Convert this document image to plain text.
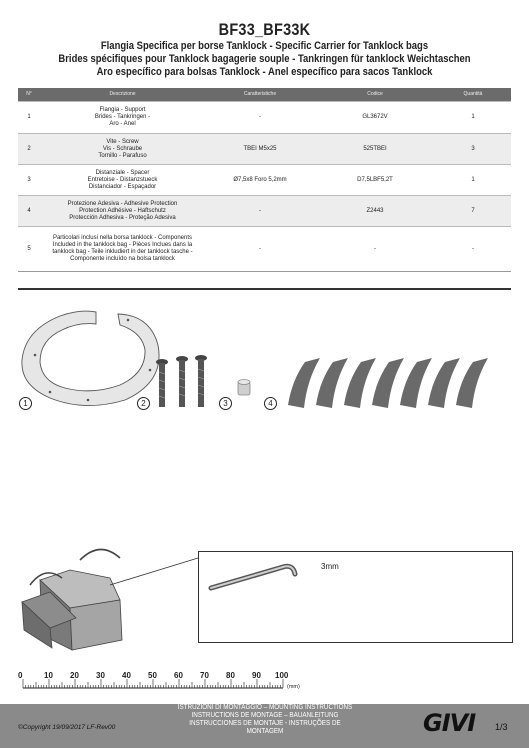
BF33_BF33K
Flangia Specifica per borse Tanklock - Specific Carrier for Tanklock bags
Brides spécifiques pour Tanklock bagagerie souple - Tankringen für tanklock Weichtaschen
Aro específico para bolsas Tanklock - Anel específico para sacos Tanklock
N°	Descrizione	Caratteristiche	Codice	Quantità
1	Flangia - Support
Brides - Tankringen -
Aro - Anel	-	GL3672V	1
2	Vite - Screw
Vis - Schraube
Tornillo - Parafuso	TBEI M5x25	525TBEI	3
3	Distanziale - Spacer
Entretoise - Distanzstueck
Distanciador - Espaçador	Ø7,5x8 Foro 5,2mm	D7,5LBF5,2T	1
4	Protezione Adesiva - Adhesive Protection
Protection Adhésive - Haftschutz
Protección Adhesiva - Proteção Adesiva	-	Z2443	7
5	Particolari inclusi nella borsa tanklock - Components
Included in the tanklock bag - Pièces Inclues dans la
tanklock bag - Teile inkludiert in der tanklock tasche -
Componente incluído na bolsa tanklock	-	-	-
1	2	3	4
3mm
0	10 20 30 40 50 60 70 80 90 100
(mm)
©Copyright 19/09/2017 LF-Rev00
ISTRUZIONI DI MONTAGGIO – MOUNTING INSTRUCTIONS
INSTRUCTIONS DE MONTAGE – BAUANLEITUNG
INSTRUCCIONES DE MONTAJE - INSTRUÇÕES DE MONTAGEM	GIVI 1/3
